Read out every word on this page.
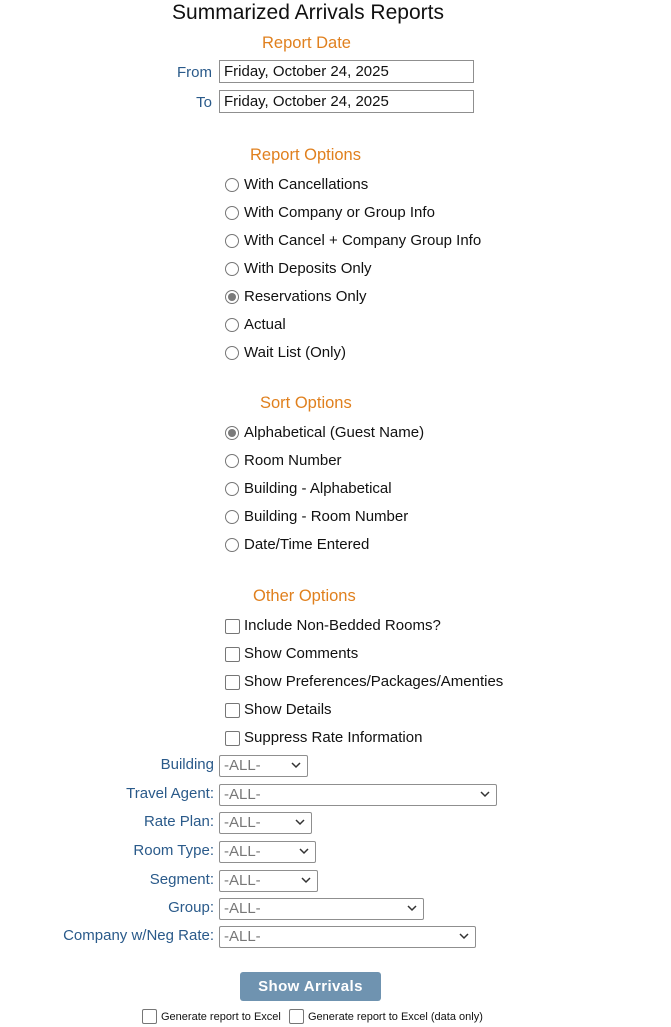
Summarized Arrivals Reports
Report Date
From Friday, October 24, 2025
To Friday, October 24, 2025
Report Options
With Cancellations
With Company or Group Info
With Cancel + Company Group Info
With Deposits Only
Reservations Only
Actual
Wait List (Only)
Sort Options
Alphabetical (Guest Name)
Room Number
Building - Alphabetical
Building - Room Number
Date/Time Entered
Other Options
Include Non-Bedded Rooms?
Show Comments
Show Preferences/Packages/Amenties
Show Details
Suppress Rate Information
Building -ALL-
Travel Agent: -ALL-
Rate Plan: -ALL-
Room Type: -ALL-
Segment: -ALL-
Group: -ALL-
Company w/Neg Rate: -ALL-
Show Arrivals
Generate report to Excel Generate report to Excel (data only)
